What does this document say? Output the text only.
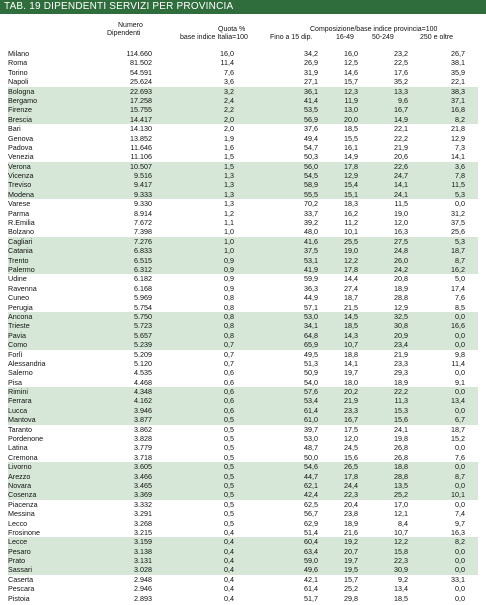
TAB. 19 DIPENDENTI SERVIZI PER PROVINCIA
Numero
Dipendenti
Quota %
base indice Italia=100
Composizione/base indice provincia=100
Fino a 15 dip.	16-49	50-249	250 e oltre
Milano	114.660	16,0	34,2	16,0	23,2	26,7
Roma	81.502	11,4	26,9	12,5	22,5	38,1
Torino	54.591	7,6	31,9	14,6	17,6	35,9
Napoli	25.624	3,6	27,1	15,7	35,2	22,1
Bologna	22.693	3,2	36,1	12,3	13,3	38,3
Bergamo	17.258	2,4	41,4	11,9	9,6	37,1
Firenze	15.755	2,2	53,5	13,0	16,7	16,8
Brescia	14.417	2,0	56,9	20,0	14,9	8,2
Bari	14.130	2,0	37,6	18,5	22,1	21,8
Genova	13.852	1,9	49,4	15,5	22,2	12,9
Padova	11.646	1,6	54,7	16,1	21,9	7,3
Venezia	11.106	1,5	50,3	14,9	20,6	14,1
Verona	10.507	1,5	56,0	17,8	22,6	3,6
Vicenza	9.516	1,3	54,5	12,9	24,7	7,8
Treviso	9.417	1,3	58,9	15,4	14,1	11,5
Modena	9.333	1,3	55,5	15,1	24,1	5,3
Varese	9.330	1,3	70,2	18,3	11,5	0,0
Parma	8.914	1,2	33,7	16,2	19,0	31,2
R.Emilia	7.672	1,1	39,2	11,2	12,0	37,5
Bolzano	7.398	1,0	48,0	10,1	16,3	25,6
Cagliari	7.276	1,0	41,6	25,5	27,5	5,3
Catania	6.833	1,0	37,5	19,0	24,8	18,7
Trento	6.515	0,9	53,1	12,2	26,0	8,7
Palermo	6.312	0,9	41,9	17,8	24,2	16,2
Udine	6.182	0,9	59,9	14,4	20,8	5,0
Ravenna	6.168	0,9	36,3	27,4	18,9	17,4
Cuneo	5.969	0,8	44,9	18,7	28,8	7,6
Perugia	5.754	0,8	57,1	21,5	12,9	8,5
Ancona	5.750	0,8	53,0	14,5	32,5	0,0
Trieste	5.723	0,8	34,1	18,5	30,8	16,6
Pavia	5.657	0,8	64,8	14,3	20,9	0,0
Como	5.239	0,7	65,9	10,7	23,4	0,0
Forlì	5.209	0,7	49,5	18,8	21,9	9,8
Alessandria	5.120	0,7	51,3	14,1	23,3	11,4
Salerno	4.535	0,6	50,9	19,7	29,3	0,0
Pisa	4.468	0,6	54,0	18,0	18,9	9,1
Rimini	4.348	0,6	57,6	20,2	22,2	0,0
Ferrara	4.162	0,6	53,4	21,9	11,3	13,4
Lucca	3.946	0,6	61,4	23,3	15,3	0,0
Mantova	3.877	0,5	61,0	16,7	15,6	6,7
Taranto	3.862	0,5	39,7	17,5	24,1	18,7
Pordenone	3.828	0,5	53,0	12,0	19,8	15,2
Latina	3.779	0,5	48,7	24,5	26,8	0,0
Cremona	3.718	0,5	50,0	15,6	26,8	7,6
Livorno	3.605	0,5	54,6	26,5	18,8	0,0
Arezzo	3.466	0,5	44,7	17,8	28,8	8,7
Novara	3.465	0,5	62,1	24,4	13,5	0,0
Cosenza	3.369	0,5	42,4	22,3	25,2	10,1
Piacenza	3.332	0,5	62,5	20,4	17,0	0,0
Messina	3.291	0,5	56,7	23,8	12,1	7,4
Lecco	3.268	0,5	62,9	18,9	8,4	9,7
Frosinone	3.215	0,4	51,4	21,6	10,7	16,3
Lecce	3.159	0,4	60,4	19,2	12,2	8,2
Pesaro	3.138	0,4	63,4	20,7	15,8	0,0
Prato	3.131	0,4	59,0	19,7	22,3	0,0
Sassari	3.028	0,4	49,6	19,5	30,9	0,0
Caserta	2.948	0,4	42,1	15,7	9,2	33,1
Pescara	2.946	0,4	61,4	25,2	13,4	0,0
Pistoia	2.893	0,4	51,7	29,8	18,5	0,0
